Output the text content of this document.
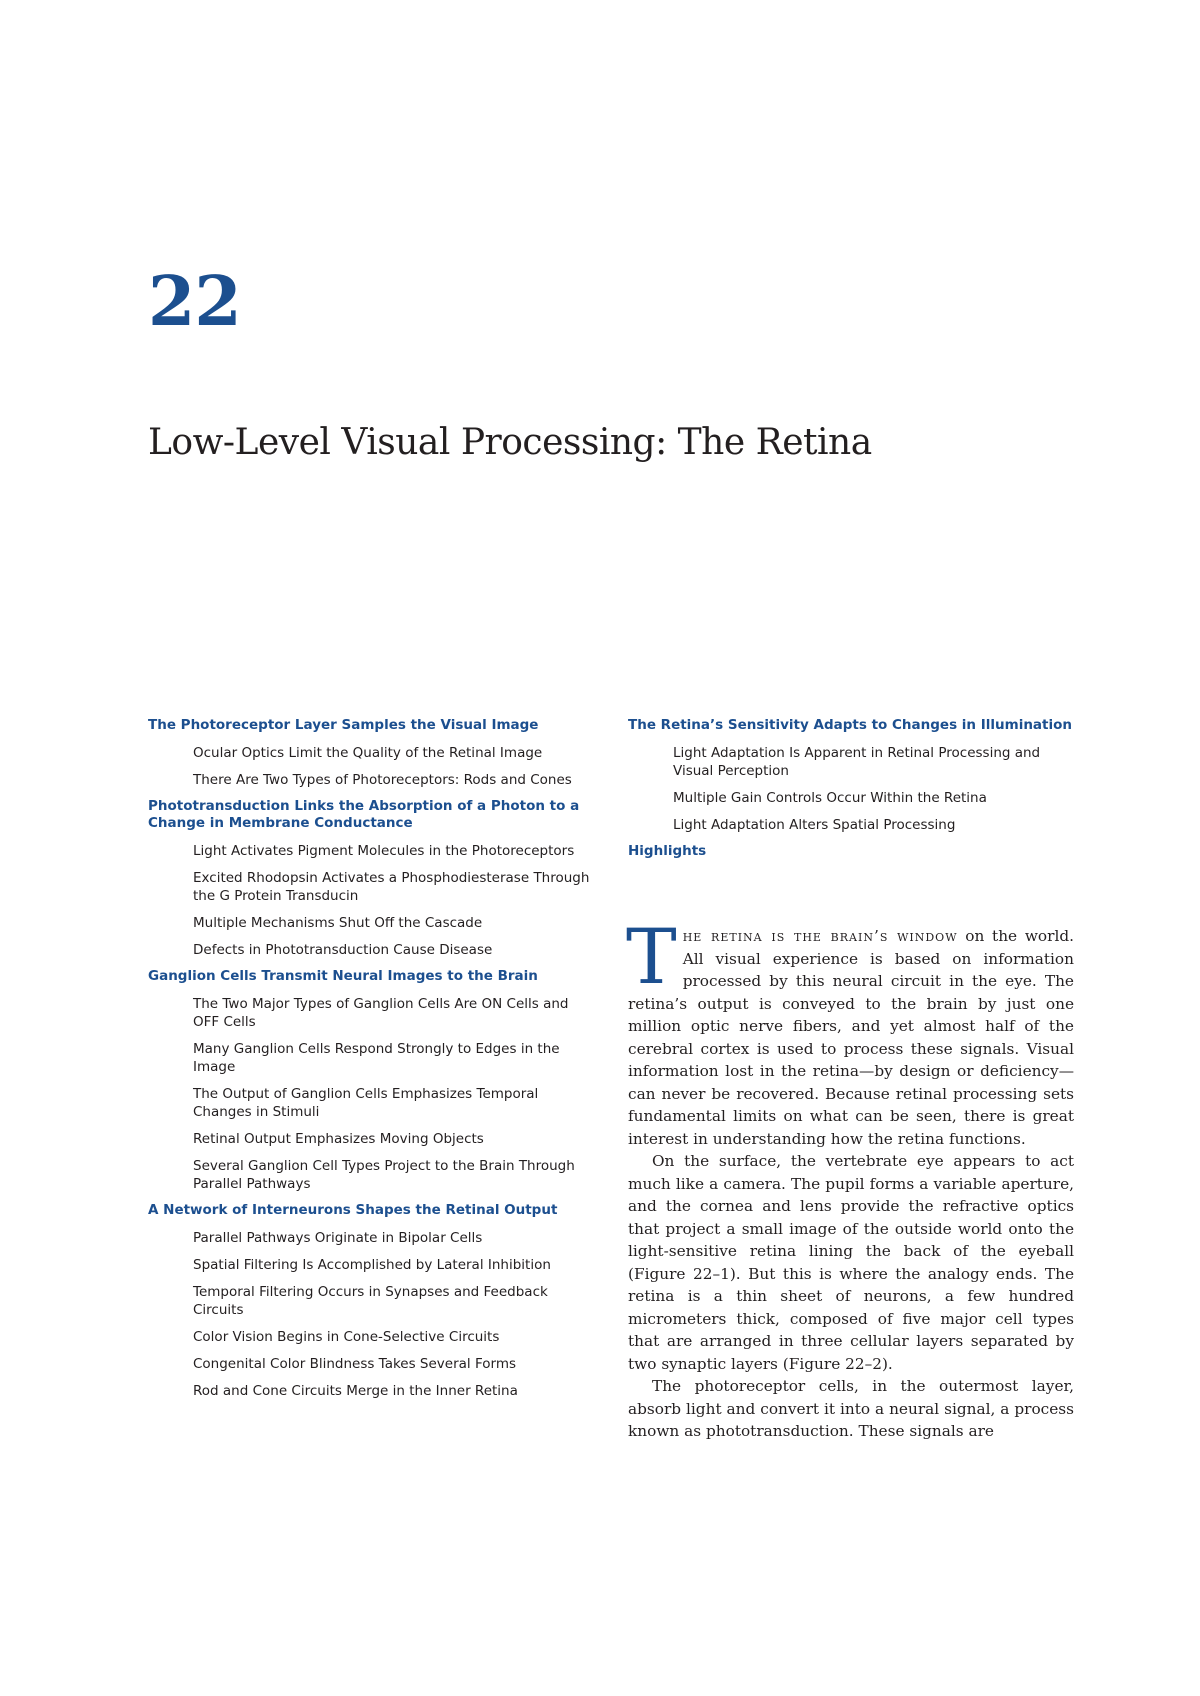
22
Low-Level Visual Processing: The Retina
The Photoreceptor Layer Samples the Visual Image
Ocular Optics Limit the Quality of the Retinal Image
There Are Two Types of Photoreceptors: Rods and Cones
Phototransduction Links the Absorption of a Photon to a Change in Membrane Conductance
Light Activates Pigment Molecules in the Photoreceptors
Excited Rhodopsin Activates a Phosphodiesterase Through the G Protein Transducin
Multiple Mechanisms Shut Off the Cascade
Defects in Phototransduction Cause Disease
Ganglion Cells Transmit Neural Images to the Brain
The Two Major Types of Ganglion Cells Are ON Cells and OFF Cells
Many Ganglion Cells Respond Strongly to Edges in the Image
The Output of Ganglion Cells Emphasizes Temporal Changes in Stimuli
Retinal Output Emphasizes Moving Objects
Several Ganglion Cell Types Project to the Brain Through Parallel Pathways
A Network of Interneurons Shapes the Retinal Output
Parallel Pathways Originate in Bipolar Cells
Spatial Filtering Is Accomplished by Lateral Inhibition
Temporal Filtering Occurs in Synapses and Feedback Circuits
Color Vision Begins in Cone-Selective Circuits
Congenital Color Blindness Takes Several Forms
Rod and Cone Circuits Merge in the Inner Retina
The Retina’s Sensitivity Adapts to Changes in Illumination
Light Adaptation Is Apparent in Retinal Processing and Visual Perception
Multiple Gain Controls Occur Within the Retina
Light Adaptation Alters Spatial Processing
Highlights

The retina is the brain’s window on the world. All visual experience is based on information processed by this neural circuit in the eye. The retina’s output is conveyed to the brain by just one million optic nerve fibers, and yet almost half of the cerebral cortex is used to process these signals. Visual information lost in the retina—by design or deficiency—can never be recovered. Because retinal processing sets fundamental limits on what can be seen, there is great interest in understanding how the retina functions.

On the surface, the vertebrate eye appears to act much like a camera. The pupil forms a variable aperture, and the cornea and lens provide the refractive optics that project a small image of the outside world onto the light-sensitive retina lining the back of the eyeball (Figure 22–1). But this is where the analogy ends. The retina is a thin sheet of neurons, a few hundred micrometers thick, composed of five major cell types that are arranged in three cellular layers separated by two synaptic layers (Figure 22–2).

The photoreceptor cells, in the outermost layer, absorb light and convert it into a neural signal, a process known as phototransduction. These signals are
